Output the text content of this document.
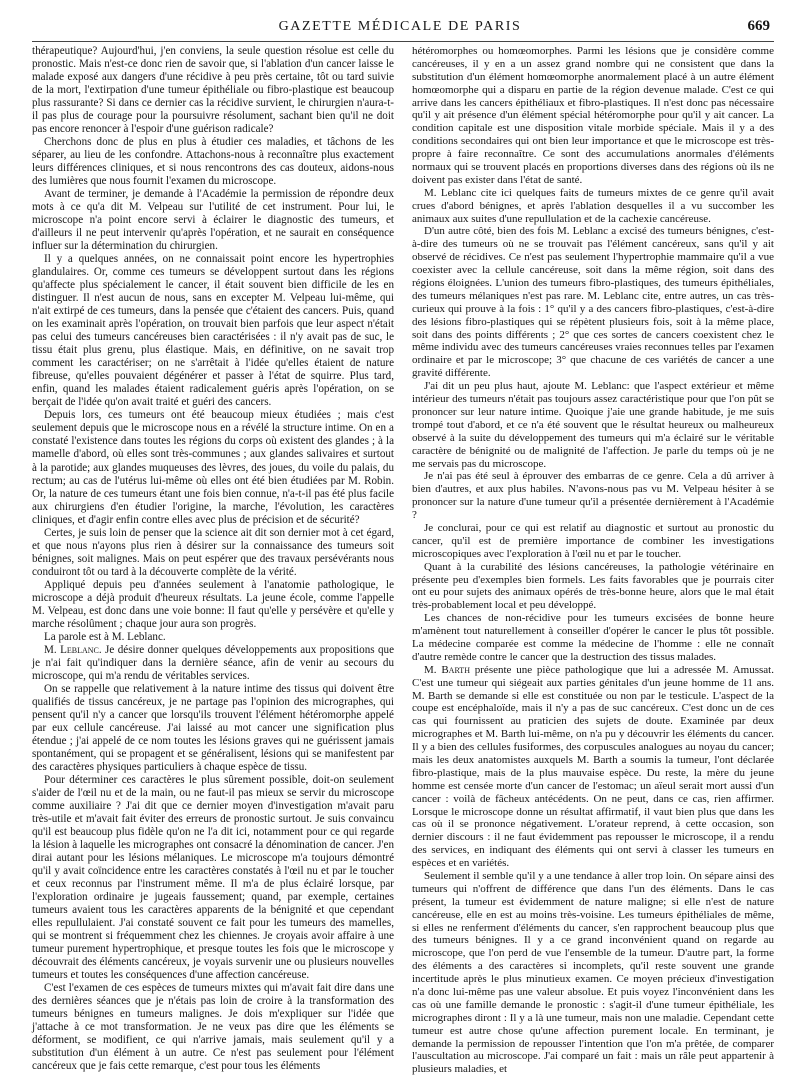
GAZETTE MÉDICALE DE PARIS	669

thérapeutique? Aujourd'hui, j'en conviens, la seule question résolue est celle du pronostic. Mais n'est-ce donc rien de savoir que, si l'ablation d'un cancer laisse le malade exposé aux dangers d'une récidive à peu près certaine, tôt ou tard suivie de la mort, l'extirpation d'une tumeur épithéliale ou fibro-plastique est beaucoup plus rassurante? Si dans ce dernier cas la récidive survient, le chirurgien n'aura-t-il pas plus de courage pour la poursuivre résolument, sachant bien qu'il ne doit pas encore renoncer à l'espoir d'une guérison radicale?

Cherchons donc de plus en plus à étudier ces maladies, et tâchons de les séparer, au lieu de les confondre. Attachons-nous à reconnaître plus exactement leurs différences cliniques, et si nous rencontrons des cas douteux, aidons-nous des lumières que nous fournit l'examen du microscope.

Avant de terminer, je demande à l'Académie la permission de répondre deux mots à ce qu'a dit M. Velpeau sur l'utilité de cet instrument. Pour lui, le microscope n'a point encore servi à éclairer le diagnostic des tumeurs, et d'ailleurs il ne peut intervenir qu'après l'opération, et ne saurait en conséquence influer sur la détermination du chirurgien.

Il y a quelques années, on ne connaissait point encore les hypertrophies glandulaires. Or, comme ces tumeurs se développent surtout dans les régions qu'affecte plus spécialement le cancer, il était souvent bien difficile de les en distinguer. Il n'est aucun de nous, sans en excepter M. Velpeau lui-même, qui n'ait extirpé de ces tumeurs, dans la pensée que c'étaient des cancers. Puis, quand on les examinait après l'opération, on trouvait bien parfois que leur aspect n'était pas celui des tumeurs cancéreuses bien caractérisées : il n'y avait pas de suc, le tissu était plus grenu, plus élastique. Mais, en définitive, on ne savait trop comment les caractériser; on ne s'arrêtait à l'idée qu'elles étaient de nature fibreuse, qu'elles pouvaient dégénérer et passer à l'état de squirre. Plus tard, enfin, quand les malades étaient radicalement guéris après l'opération, on se berçait de l'idée qu'on avait traité et guéri des cancers.

Depuis lors, ces tumeurs ont été beaucoup mieux étudiées ; mais c'est seulement depuis que le microscope nous en a révélé la structure intime. On en a constaté l'existence dans toutes les régions du corps où existent des glandes ; à la mamelle d'abord, où elles sont très-communes ; aux glandes salivaires et surtout à la parotide; aux glandes muqueuses des lèvres, des joues, du voile du palais, du rectum; au cas de l'utérus lui-même où elles ont été bien étudiées par M. Robin. Or, la nature de ces tumeurs étant une fois bien connue, n'a-t-il pas été plus facile aux chirurgiens d'en étudier l'origine, la marche, l'évolution, les caractères cliniques, et d'agir enfin contre elles avec plus de précision et de sécurité?

Certes, je suis loin de penser que la science ait dit son dernier mot à cet égard, et que nous n'ayons plus rien à désirer sur la connaissance des tumeurs soit bénignes, soit malignes. Mais on peut espérer que des travaux persévérants nous conduiront tôt ou tard à la découverte complète de la vérité.

Appliqué depuis peu d'années seulement à l'anatomie pathologique, le microscope a déjà produit d'heureux résultats. La jeune école, comme l'appelle M. Velpeau, est donc dans une voie bonne: Il faut qu'elle y persévère et qu'elle y marche résolûment ; chaque jour aura son progrès.

La parole est à M. Leblanc.

M. Leblanc. Je désire donner quelques développements aux propositions que je n'ai fait qu'indiquer dans la dernière séance, afin de venir au secours du microscope, qui m'a rendu de véritables services.

On se rappelle que relativement à la nature intime des tissus qui doivent être qualifiés de tissus cancéreux, je ne partage pas l'opinion des micrographes, qui pensent qu'il n'y a cancer que lorsqu'ils trouvent l'élément hétéromorphe appelé par eux cellule cancéreuse. J'ai laissé au mot cancer une signification plus étendue ; j'ai appelé de ce nom toutes les lésions graves qui ne guérissent jamais spontanément, qui se propagent et se généralisent, lésions qui se manifestent par des caractères physiques particuliers à chaque espèce de tissu.

Pour déterminer ces caractères le plus sûrement possible, doit-on seulement s'aider de l'œil nu et de la main, ou ne faut-il pas mieux se servir du microscope comme auxiliaire ? J'ai dit que ce dernier moyen d'investigation m'avait paru très-utile et m'avait fait éviter des erreurs de pronostic surtout. Je suis convaincu qu'il est beaucoup plus fidèle qu'on ne l'a dit ici, notamment pour ce qui regarde la lésion à laquelle les micrographes ont consacré la dénomination de cancer. J'en dirai autant pour les lésions mélaniques. Le microscope m'a toujours démontré qu'il y avait coïncidence entre les caractères constatés à l'œil nu et par le toucher et ceux reconnus par l'instrument même. Il m'a de plus éclairé lorsque, par l'exploration ordinaire je jugeais faussement; quand, par exemple, certaines tumeurs avaient tous les caractères apparents de la bénignité et que cependant elles repullulaient. J'ai constaté souvent ce fait pour les tumeurs des mamelles, qui se montrent si fréquemment chez les chiennes. Je croyais avoir affaire à une tumeur purement hypertrophique, et presque toutes les fois que le microscope y découvrait des éléments cancéreux, je voyais survenir une ou plusieurs nouvelles tumeurs et toutes les conséquences d'une affection cancéreuse.

C'est l'examen de ces espèces de tumeurs mixtes qui m'avait fait dire dans une des dernières séances que je n'étais pas loin de croire à la transformation des tumeurs bénignes en tumeurs malignes. Je dois m'expliquer sur l'idée que j'attache à ce mot transformation. Je ne veux pas dire que les éléments se déforment, se modifient, ce qui n'arrive jamais, mais seulement qu'il y a substitution d'un élément à un autre. Ce n'est pas seulement pour l'élément cancéreux que je fais cette remarque, c'est pour tous les éléments

hétéromorphes ou homœomorphes. Parmi les lésions que je considère comme cancéreuses, il y en a un assez grand nombre qui ne consistent que dans la substitution d'un élément homœomorphe anormalement placé à un autre élément homœomorphe qui a disparu en partie de la région devenue malade. C'est ce qui arrive dans les cancers épithéliaux et fibro-plastiques. Il n'est donc pas nécessaire qu'il y ait présence d'un élément spécial hétéromorphe pour qu'il y ait cancer. La condition capitale est une disposition vitale morbide spéciale. Mais il y a des conditions secondaires qui ont bien leur importance et que le microscope est très-propre à faire reconnaître. Ce sont des accumulations anormales d'éléments normaux qui se trouvent placés en proportions diverses dans des régions où ils ne doivent pas exister dans l'état de santé.

M. Leblanc cite ici quelques faits de tumeurs mixtes de ce genre qu'il avait crues d'abord bénignes, et après l'ablation desquelles il a vu succomber les animaux aux suites d'une repullulation et de la cachexie cancéreuse.

D'un autre côté, bien des fois M. Leblanc a excisé des tumeurs bénignes, c'est-à-dire des tumeurs où ne se trouvait pas l'élément cancéreux, sans qu'il y ait observé de récidives. Ce n'est pas seulement l'hypertrophie mammaire qu'il a vue coexister avec la cellule cancéreuse, soit dans la même région, soit dans des régions éloignées. L'union des tumeurs fibro-plastiques, des tumeurs épithéliales, des tumeurs mélaniques n'est pas rare. M. Leblanc cite, entre autres, un cas très-curieux qui prouve à la fois : 1° qu'il y a des cancers fibro-plastiques, c'est-à-dire des lésions fibro-plastiques qui se répètent plusieurs fois, soit à la même place, soit dans des points différents ; 2° que ces sortes de cancers coexistent chez le même individu avec des tumeurs cancéreuses vraies reconnues telles par l'examen ordinaire et par le microscope; 3° que chacune de ces variétés de cancer a une gravité différente.

J'ai dit un peu plus haut, ajoute M. Leblanc: que l'aspect extérieur et même intérieur des tumeurs n'était pas toujours assez caractéristique pour que l'on pût se prononcer sur leur nature intime. Quoique j'aie une grande habitude, je me suis trompé tout d'abord, et ce n'a été souvent que le résultat heureux ou malheureux observé à la suite du développement des tumeurs qui m'a éclairé sur le véritable caractère de bénignité ou de malignité de l'affection. Je parle du temps où je ne me servais pas du microscope.

Je n'ai pas été seul à éprouver des embarras de ce genre. Cela a dû arriver à bien d'autres, et aux plus habiles. N'avons-nous pas vu M. Velpeau hésiter à se prononcer sur la nature d'une tumeur qu'il a présentée dernièrement à l'Académie ?

Je conclurai, pour ce qui est relatif au diagnostic et surtout au pronostic du cancer, qu'il est de première importance de combiner les investigations microscopiques avec l'exploration à l'œil nu et par le toucher.

Quant à la curabilité des lésions cancéreuses, la pathologie vétérinaire en présente peu d'exemples bien formels. Les faits favorables que je pourrais citer ont eu pour sujets des animaux opérés de très-bonne heure, alors que le mal était très-probablement local et peu développé.

Les chances de non-récidive pour les tumeurs excisées de bonne heure m'amènent tout naturellement à conseiller d'opérer le cancer le plus tôt possible. La médecine comparée est comme la médecine de l'homme : elle ne connaît d'autre remède contre le cancer que la destruction des tissus malades.

M. Barth présente une pièce pathologique que lui a adressée M. Amussat. C'est une tumeur qui siégeait aux parties génitales d'un jeune homme de 11 ans. M. Barth se demande si elle est constituée ou non par le testicule. L'aspect de la coupe est encéphaloïde, mais il n'y a pas de suc cancéreux. C'est donc un de ces cas qui fournissent au praticien des sujets de doute. Examinée par deux micrographes et M. Barth lui-même, on n'a pu y découvrir les éléments du cancer. Il y a bien des cellules fusiformes, des corpuscules analogues au noyau du cancer; mais les deux anatomistes auxquels M. Barth a soumis la tumeur, l'ont déclarée fibro-plastique, mais de la plus mauvaise espèce. Du reste, la mère du jeune homme est censée morte d'un cancer de l'estomac; un aïeul serait mort aussi d'un cancer : voilà de fâcheux antécédents. On ne peut, dans ce cas, rien affirmer. Lorsque le microscope donne un résultat affirmatif, il vaut bien plus que dans les cas où il se prononce négativement. L'orateur reprend, à cette occasion, son dernier discours : il ne faut évidemment pas repousser le microscope, il a rendu des services, en indiquant des éléments qui ont servi à classer les tumeurs en espèces et en variétés.

Seulement il semble qu'il y a une tendance à aller trop loin. On sépare ainsi des tumeurs qui n'offrent de différence que dans l'un des éléments. Dans le cas présent, la tumeur est évidemment de nature maligne; si elle n'est de nature cancéreuse, elle en est au moins très-voisine. Les tumeurs épithéliales de même, si elles ne renferment d'éléments du cancer, s'en rapprochent beaucoup plus que des tumeurs bénignes. Il y a ce grand inconvénient quand on regarde au microscope, que l'on perd de vue l'ensemble de la tumeur. D'autre part, la forme des éléments a des caractères si incomplets, qu'il reste souvent une grande incertitude après le plus minutieux examen. Ce moyen précieux d'investigation n'a donc lui-même pas une valeur absolue. Et puis voyez l'inconvénient dans les cas où une famille demande le pronostic : s'agit-il d'une tumeur épithéliale, les micrographes diront : Il y a là une tumeur, mais non une maladie. Cependant cette tumeur est autre chose qu'une affection purement locale. En terminant, je demande la permission de repousser l'intention que l'on m'a prêtée, de comparer l'auscultation au microscope. J'ai comparé un fait : mais un râle peut appartenir à plusieurs maladies, et
